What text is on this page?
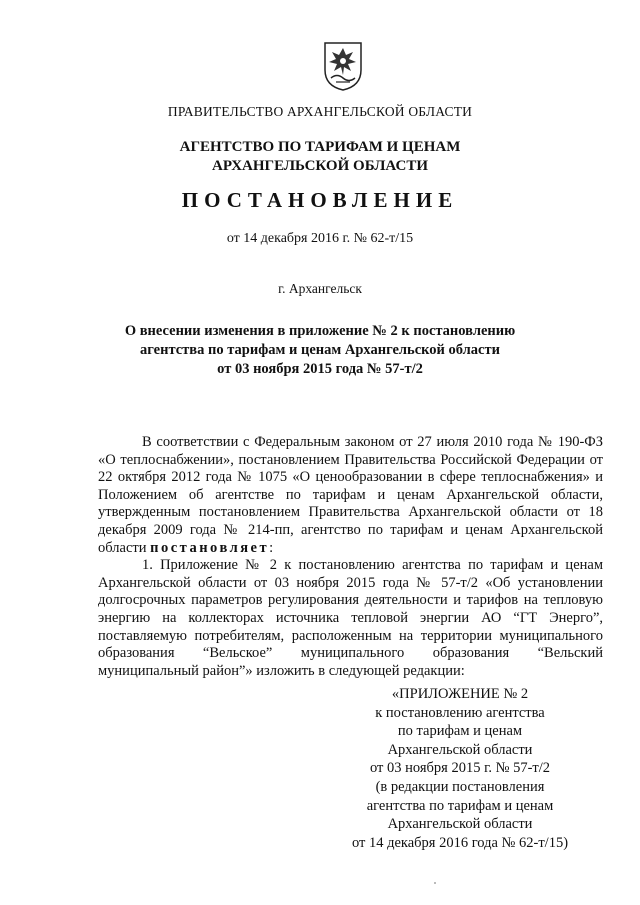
ПРАВИТЕЛЬСТВО АРХАНГЕЛЬСКОЙ ОБЛАСТИ
АГЕНТСТВО ПО ТАРИФАМ И ЦЕНАМ
АРХАНГЕЛЬСКОЙ ОБЛАСТИ
ПОСТАНОВЛЕНИЕ
от 14 декабря 2016 г. № 62-т/15
г. Архангельск
О внесении изменения в приложение № 2 к постановлению
агентства по тарифам и ценам Архангельской области
от 03 ноября 2015 года № 57-т/2

В соответствии с Федеральным законом от 27 июля 2010 года № 190-ФЗ «О теплоснабжении», постановлением Правительства Российской Федерации от 22 октября 2012 года № 1075 «О ценообразовании в сфере теплоснабжения» и Положением об агентстве по тарифам и ценам Архангельской области, утвержденным постановлением Правительства Архангельской области от 18 декабря 2009 года № 214-пп, агентство по тарифам и ценам Архангельской области постановляет:

1. Приложение № 2 к постановлению агентства по тарифам и ценам Архангельской области от 03 ноября 2015 года № 57-т/2 «Об установлении долгосрочных параметров регулирования деятельности и тарифов на тепловую энергию на коллекторах источника тепловой энергии АО “ГТ Энерго”, поставляемую потребителям, расположенным на территории муниципального образования “Вельское” муниципального образования “Вельский муниципальный район”» изложить в следующей редакции:

«ПРИЛОЖЕНИЕ № 2
к постановлению агентства
по тарифам и ценам
Архангельской области
от 03 ноября 2015 г. № 57-т/2
(в редакции постановления
агентства по тарифам и ценам
Архангельской области
от 14 декабря 2016 года № 62-т/15)
